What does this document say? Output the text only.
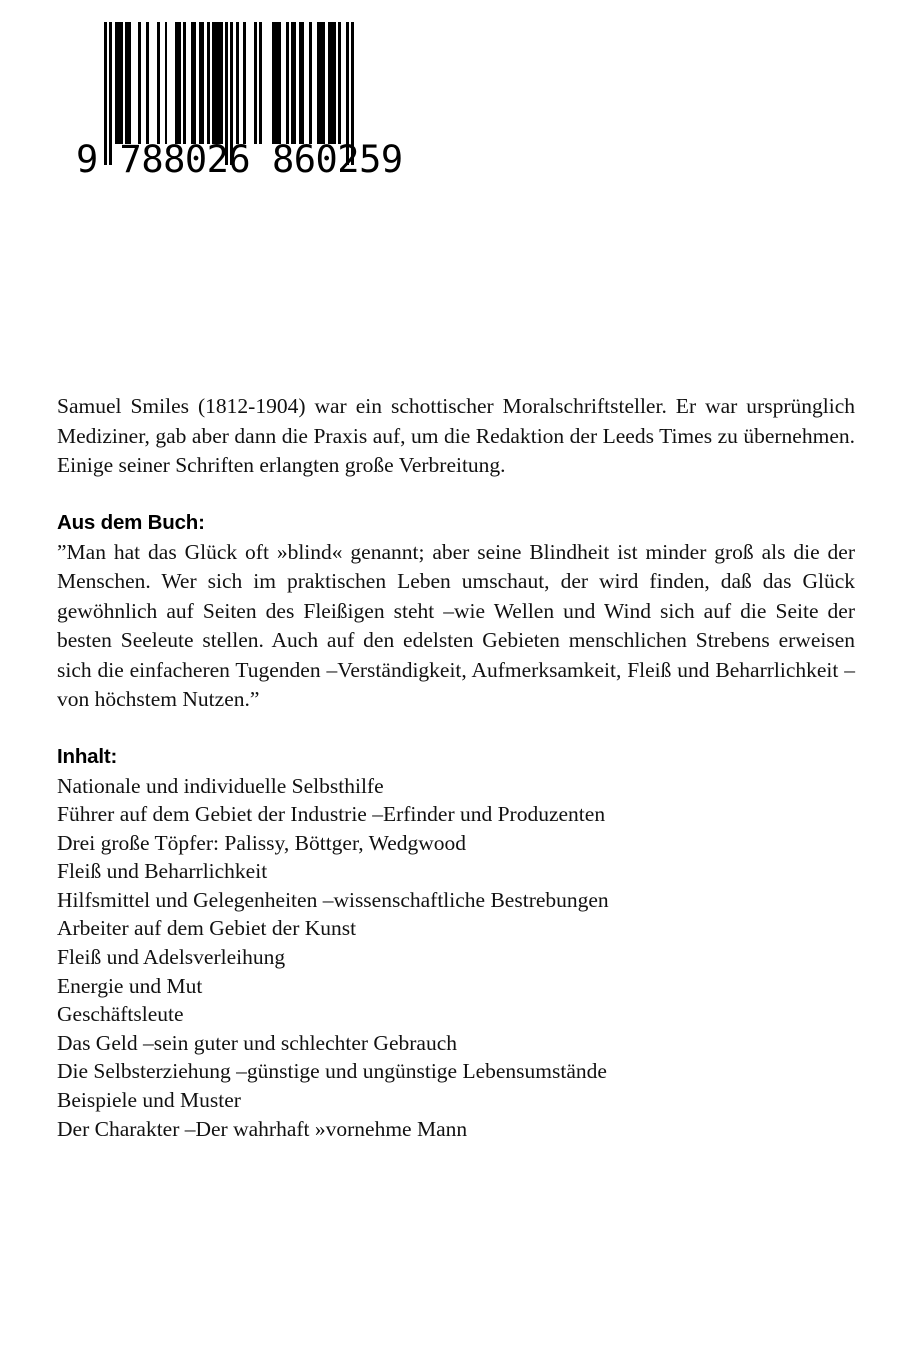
9 788026 860259

Samuel Smiles (1812-1904) war ein schottischer Moralschriftsteller. Er war ursprünglich Mediziner, gab aber dann die Praxis auf, um die Redaktion der Leeds Times zu übernehmen. Einige seiner Schriften erlangten große Verbreitung.

Aus dem Buch:

”Man hat das Glück oft »blind« genannt; aber seine Blindheit ist minder groß als die der Menschen. Wer sich im praktischen Leben umschaut, der wird finden, daß das Glück gewöhnlich auf Seiten des Fleißigen steht –wie Wellen und Wind sich auf die Seite der besten Seeleute stellen. Auch auf den edelsten Gebieten menschlichen Strebens erweisen sich die einfacheren Tugenden –Verständigkeit, Aufmerksamkeit, Fleiß und Beharrlichkeit –von höchstem Nutzen.”

Inhalt:
Nationale und individuelle Selbsthilfe
Führer auf dem Gebiet der Industrie –Erfinder und Produzenten
Drei große Töpfer: Palissy, Böttger, Wedgwood
Fleiß und Beharrlichkeit
Hilfsmittel und Gelegenheiten –wissenschaftliche Bestrebungen
Arbeiter auf dem Gebiet der Kunst
Fleiß und Adelsverleihung
Energie und Mut
Geschäftsleute
Das Geld –sein guter und schlechter Gebrauch
Die Selbsterziehung –günstige und ungünstige Lebensumstände
Beispiele und Muster
Der Charakter –Der wahrhaft »vornehme Mann
